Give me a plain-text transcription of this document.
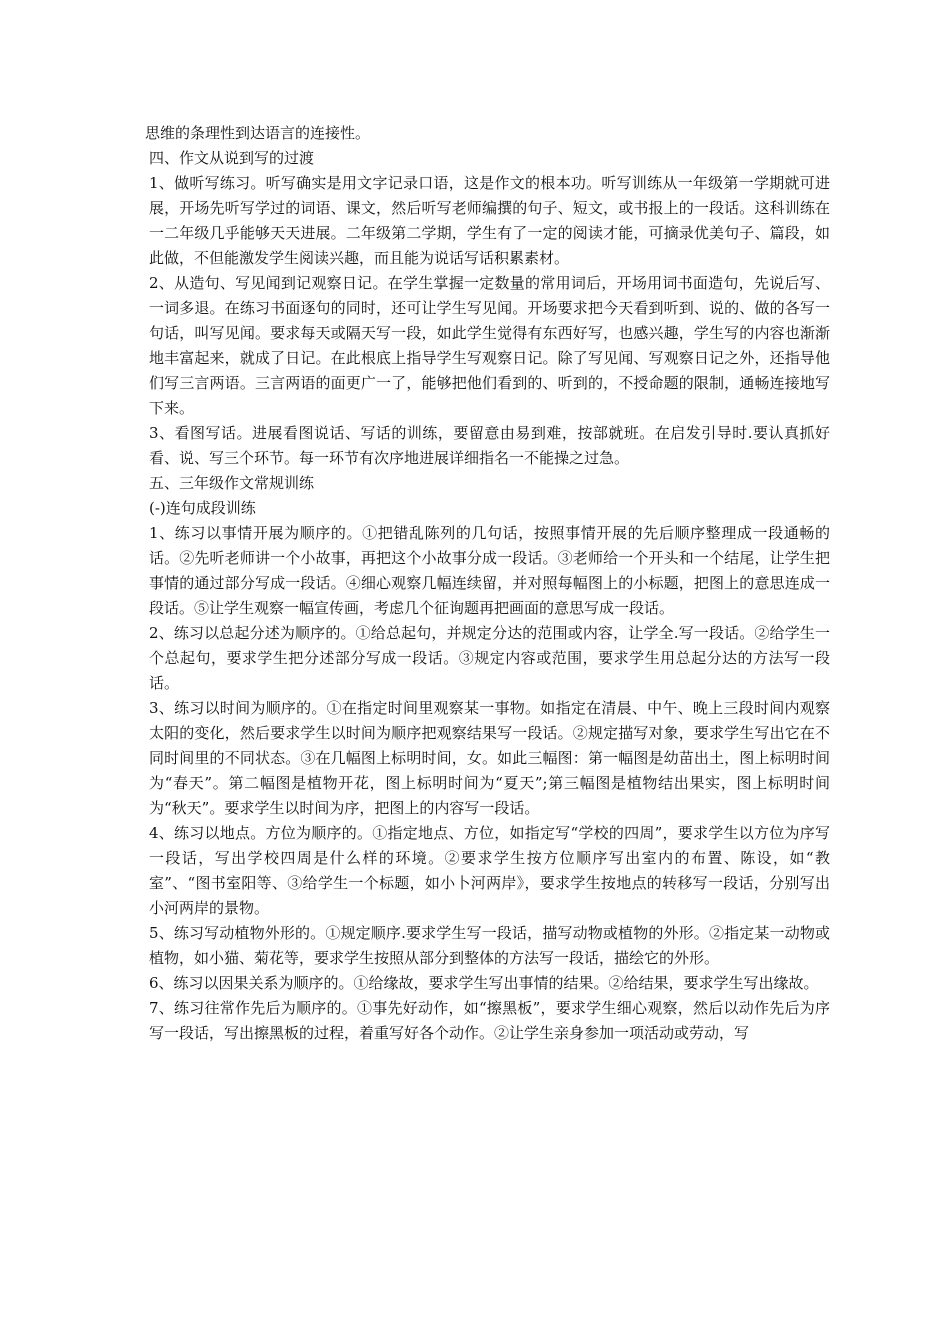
思维的条理性到达语言的连接性。

四、作文从说到写的过渡

1、做听写练习。听写确实是用文字记录口语，这是作文的根本功。听写训练从一年级第一学期就可进展，开场先听写学过的词语、课文，然后听写老师编撰的句子、短文，或书报上的一段话。这科训练在一二年级几乎能够天天进展。二年级第二学期，学生有了一定的阅读才能，可摘录优美句子、篇段，如此做，不但能激发学生阅读兴趣，而且能为说话写话积累素材。

2、从造句、写见闻到记观察日记。在学生掌握一定数量的常用词后，开场用词书面造句，先说后写、一词多退。在练习书面逐句的同时，还可让学生写见闻。开场要求把今天看到听到、说的、做的各写一句话，叫写见闻。要求每天或隔天写一段，如此学生觉得有东西好写，也感兴趣，学生写的内容也渐渐地丰富起来，就成了日记。在此根底上指导学生写观察日记。除了写见闻、写观察日记之外，还指导他们写三言两语。三言两语的面更广一了，能够把他们看到的、听到的，不授命题的限制，通畅连接地写下来。

3、看图写话。进展看图说话、写话的训练，要留意由易到难，按部就班。在启发引导时.要认真抓好看、说、写三个环节。每一环节有次序地进展详细指名一不能操之过急。

五、三年级作文常规训练

(-)连句成段训练

1、练习以事情开展为顺序的。①把错乱陈列的几句话，按照事情开展的先后顺序整理成一段通畅的话。②先听老师讲一个小故事，再把这个小故事分成一段话。③老师给一个开头和一个结尾，让学生把事情的通过部分写成一段话。④细心观察几幅连续留，并对照每幅图上的小标题，把图上的意思连成一段话。⑤让学生观察一幅宣传画，考虑几个征询题再把画面的意思写成一段话。

2、练习以总起分述为顺序的。①给总起句，并规定分达的范围或内容，让学全.写一段话。②给学生一个总起句，要求学生把分述部分写成一段话。③规定内容或范围，要求学生用总起分达的方法写一段话。

3、练习以时间为顺序的。①在指定时间里观察某一事物。如指定在清晨、中午、晚上三段时间内观察太阳的变化，然后要求学生以时间为顺序把观察结果写一段话。②规定描写对象，要求学生写出它在不同时间里的不同状态。③在几幅图上标明时间，女。如此三幅图：第一幅图是幼苗出土，图上标明时间为“春天”。第二幅图是植物开花，图上标明时间为“夏天”;第三幅图是植物结出果实，图上标明时间为“秋天”。要求学生以时间为序，把图上的内容写一段话。

4、练习以地点。方位为顺序的。①指定地点、方位，如指定写“学校的四周”，要求学生以方位为序写一段话，写出学校四周是什么样的环境。②要求学生按方位顺序写出室内的布置、陈设，如“教室”、“图书室阳等、③给学生一个标题，如小卜河两岸》，要求学生按地点的转移写一段话，分别写出小河两岸的景物。

5、练习写动植物外形的。①规定顺序.要求学生写一段话，描写动物或植物的外形。②指定某一动物或植物，如小猫、菊花等，要求学生按照从部分到整体的方法写一段话，描绘它的外形。

6、练习以因果关系为顺序的。①给缘故，要求学生写出事情的结果。②给结果，要求学生写出缘故。

7、练习往常作先后为顺序的。①事先好动作，如“擦黑板”，要求学生细心观察，然后以动作先后为序写一段话，写出擦黑板的过程，着重写好各个动作。②让学生亲身参加一项活动或劳动，写
